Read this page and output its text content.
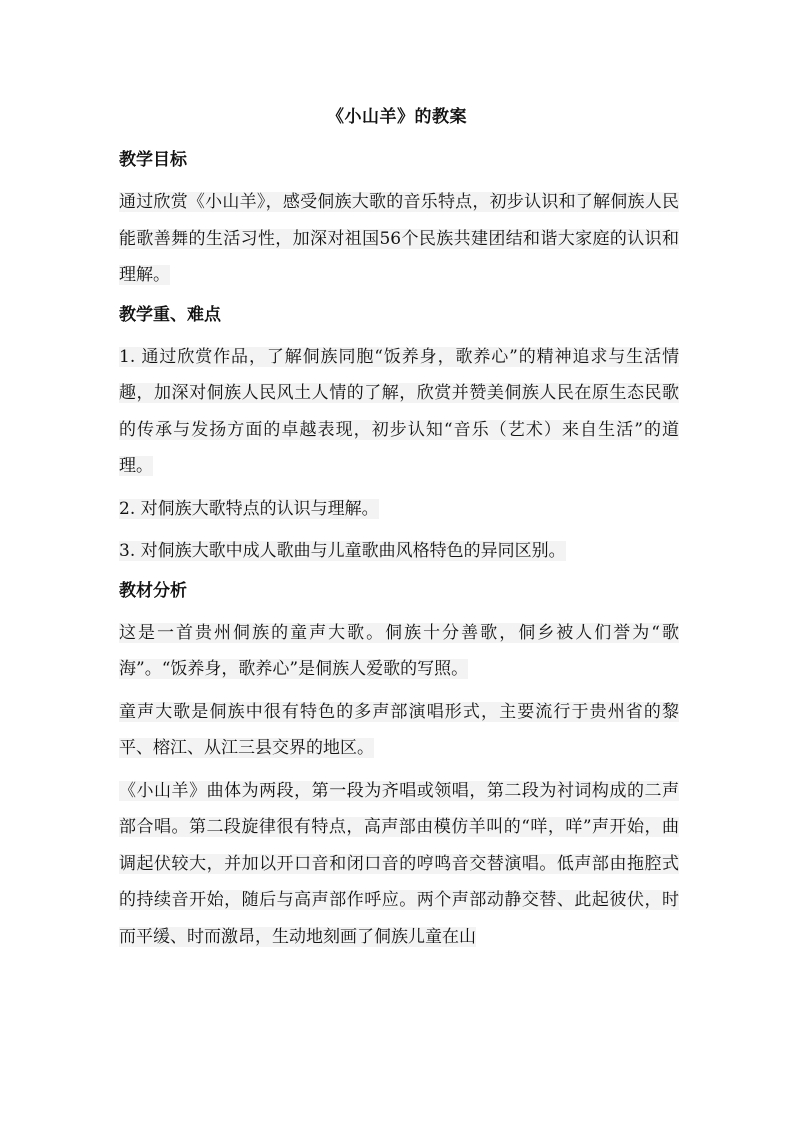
《小山羊》的教案
教学目标
通过欣赏《小山羊》，感受侗族大歌的音乐特点，初步认识和了解侗族人民能歌善舞的生活习性，加深对祖国56个民族共建团结和谐大家庭的认识和理解。
教学重、难点
1. 通过欣赏作品，了解侗族同胞“饭养身，歌养心”的精神追求与生活情趣，加深对侗族人民风土人情的了解，欣赏并赞美侗族人民在原生态民歌的传承与发扬方面的卓越表现，初步认知“音乐（艺术）来自生活”的道理。
2. 对侗族大歌特点的认识与理解。
3. 对侗族大歌中成人歌曲与儿童歌曲风格特色的异同区别。
教材分析
这是一首贵州侗族的童声大歌。侗族十分善歌，侗乡被人们誉为“歌海”。“饭养身，歌养心”是侗族人爱歌的写照。
童声大歌是侗族中很有特色的多声部演唱形式，主要流行于贵州省的黎平、榕江、从江三县交界的地区。
《小山羊》曲体为两段，第一段为齐唱或领唱，第二段为衬词构成的二声部合唱。第二段旋律很有特点，高声部由模仿羊叫的“咩，咩”声开始，曲调起伏较大，并加以开口音和闭口音的哼鸣音交替演唱。低声部由拖腔式的持续音开始，随后与高声部作呼应。两个声部动静交替、此起彼伏，时而平缓、时而激昂，生动地刻画了侗族儿童在山
